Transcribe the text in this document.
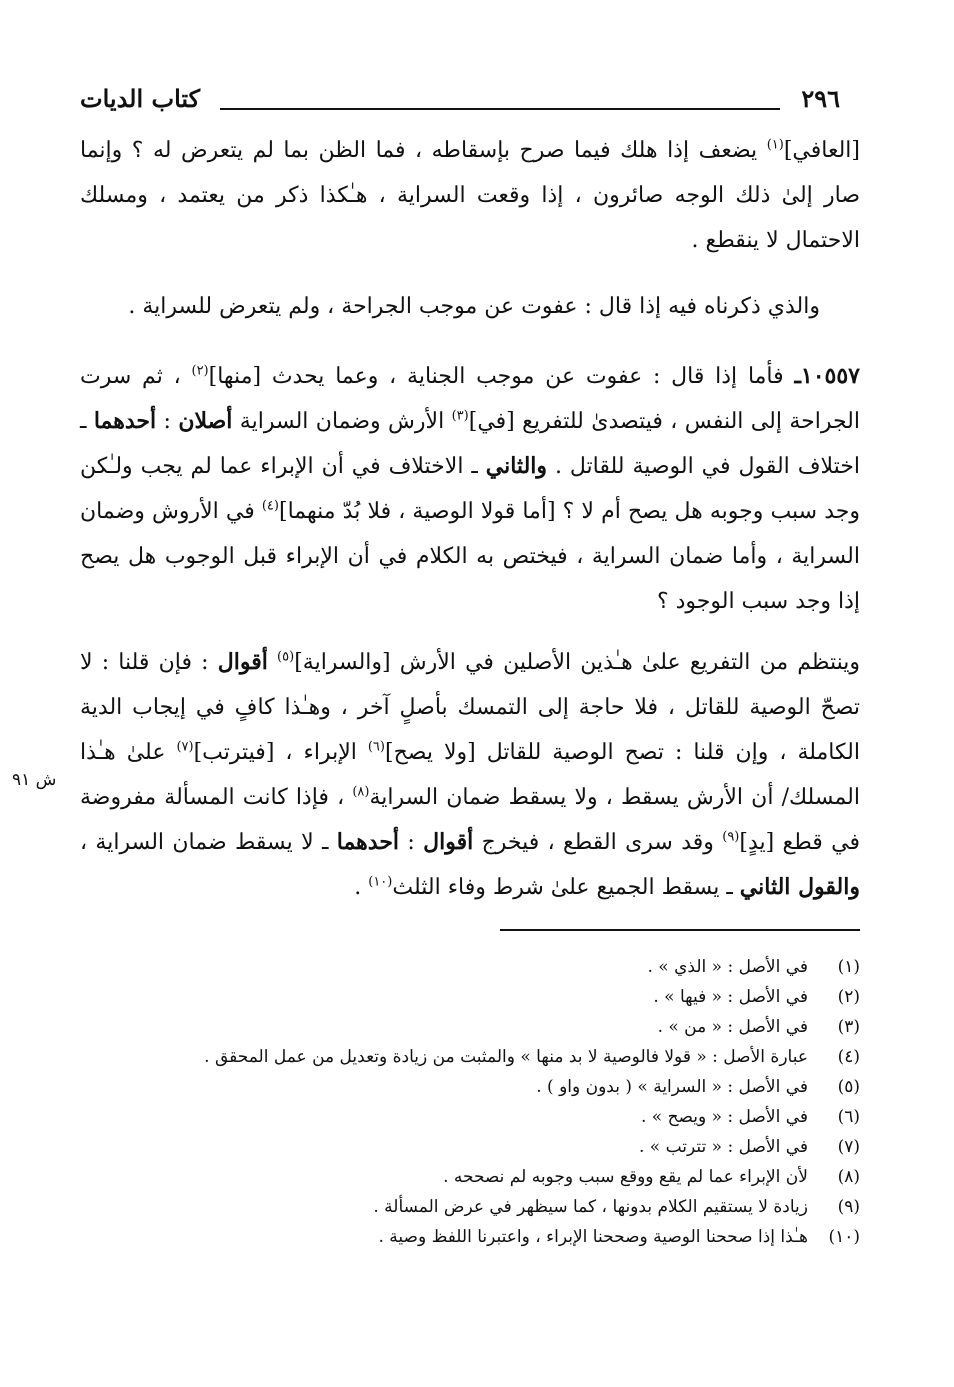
٢٩٦
كتاب الديات

[العافي]$^{(١)}$ يضعف إذا هلك فيما صرح بإسقاطه ، فما الظن بما لم يتعرض له ؟ وإنما صار إلىٰ ذلك الوجه صائرون ، إذا وقعت السراية ، هـٰكذا ذكر من يعتمد ، ومسلك الاحتمال لا ينقطع .

والذي ذكرناه فيه إذا قال : عفوت عن موجب الجراحة ، ولم يتعرض للسراية .

١٠٥٥٧ـ فأما إذا قال : عفوت عن موجب الجناية ، وعما يحدث [منها]$^{(٢)}$ ، ثم سرت الجراحة إلى النفس ، فيتصدىٰ للتفريع [في]$^{(٣)}$ الأرش وضمان السراية أصلان : أحدهما ـ اختلاف القول في الوصية للقاتل . والثاني ـ الاختلاف في أن الإبراء عما لم يجب ولـٰكن وجد سبب وجوبه هل يصح أم لا ؟ [أما قولا الوصية ، فلا بُدّ منهما]$^{(٤)}$ في الأروش وضمان السراية ، وأما ضمان السراية ، فيختص به الكلام في أن الإبراء قبل الوجوب هل يصح إذا وجد سبب الوجود ؟

وينتظم من التفريع علىٰ هـٰذين الأصلين في الأرش [والسراية]$^{(٥)}$ أقوال : فإن قلنا : لا تصحّ الوصية للقاتل ، فلا حاجة إلى التمسك بأصلٍ آخر ، وهـٰذا كافٍ في إيجاب الدية الكاملة ، وإن قلنا : تصح الوصية للقاتل [ولا يصح]$^{(٦)}$ الإبراء ، [فيترتب]$^{(٧)}$ علىٰ هـٰذا المسلك/ أن الأرش يسقط ، ولا يسقط ضمان السراية$^{(٨)}$ ، فإذا كانت المسألة مفروضة في قطع [يدٍ]$^{(٩)}$ وقد سرى القطع ، فيخرج أقوال : أحدهما ـ لا يسقط ضمان السراية ، والقول الثاني ـ يسقط الجميع علىٰ شرط وفاء الثلث$^{(١٠)}$ .

ش ٩١
(١)في الأصل : « الذي » .
(٢)في الأصل : « فيها » .
(٣)في الأصل : « من » .
(٤)عبارة الأصل : « قولا فالوصية لا بد منها » والمثبت من زيادة وتعديل من عمل المحقق .
(٥)في الأصل : « السراية » ( بدون واو ) .
(٦)في الأصل : « ويصح » .
(٧)في الأصل : « تترتب » .
(٨)لأن الإبراء عما لم يقع ووقع سبب وجوبه لم نصححه .
(٩)زيادة لا يستقيم الكلام بدونها ، كما سيظهر في عرض المسألة .
(١٠)هـٰذا إذا صححنا الوصية وصححنا الإبراء ، واعتبرنا اللفظ وصية .
